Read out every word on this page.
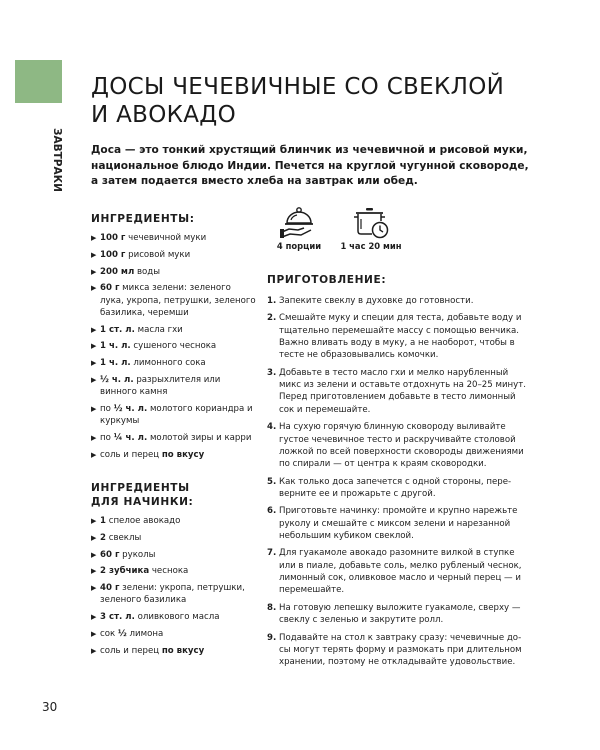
ЗАВТРАКИ
ДОСЫ ЧЕЧЕВИЧНЫЕ СО СВЕКЛОЙ
И АВОКАДО

Доса — это тонкий хрустящий блинчик из чечевичной и рисовой муки, национальное блюдо Индии. Печется на круглой чугунной сковороде, а затем подается вместо хлеба на завтрак или обед.

ИНГРЕДИЕНТЫ:

▶ 100 г чечевичной муки
▶ 100 г рисовой муки
▶ 200 мл воды
▶ 60 г микса зелени: зеленого лука, укропа, петрушки, зеленого базилика, черемши
▶ 1 ст. л. масла гхи
▶ 1 ч. л. сушеного чеснока
▶ 1 ч. л. лимонного сока
▶ ½ ч. л. разрыхлителя или винного камня
▶ по ½ ч. л. молотого кориандра и куркумы
▶ по ¼ ч. л. молотой зиры и карри
▶ соль и перец по вкусу

ИНГРЕДИЕНТЫ
ДЛЯ НАЧИНКИ:

▶ 1 спелое авокадо
▶ 2 свеклы
▶ 60 г руколы
▶ 2 зубчика чеснока
▶ 40 г зелени: укропа, петрушки, зеленого базилика
▶ 3 ст. л. оливкового масла
▶ сок ½ лимона
▶ соль и перец по вкусу
4 порции	1 час 20 мин

ПРИГОТОВЛЕНИЕ:

1. Запеките свеклу в духовке до готовности.
2. Смешайте муку и специи для теста, добавьте воду и тщательно перемешайте массу с помощью венчика. Важно вливать воду в муку, а не наоборот, чтобы в тесте не образовывались комочки.
3. Добавьте в тесто масло гхи и мелко нарубленный микс из зелени и оставьте отдохнуть на 20–25 минут. Перед приготовлением добавьте в тесто лимонный сок и перемешайте.
4. На сухую горячую блинную сковороду выливайте густое чечевичное тесто и раскручивайте столовой ложкой по всей поверхности сковороды движениями по спирали — от центра к краям сковородки.
5. Как только доса запечется с одной стороны, переверните ее и прожарьте с другой.
6. Приготовьте начинку: промойте и крупно нарежьте руколу и смешайте с миксом зелени и нарезанной небольшим кубиком свеклой.
7. Для гуакамоле авокадо разомните вилкой в ступке или в пиале, добавьте соль, мелко рубленый чеснок, лимонный сок, оливковое масло и черный перец — и перемешайте.
8. На готовую лепешку выложите гуакамоле, сверху — свеклу с зеленью и закрутите ролл.
9. Подавайте на стол к завтраку сразу: чечевичные досы могут терять форму и размокать при длительном хранении, поэтому не откладывайте удовольствие.
30
